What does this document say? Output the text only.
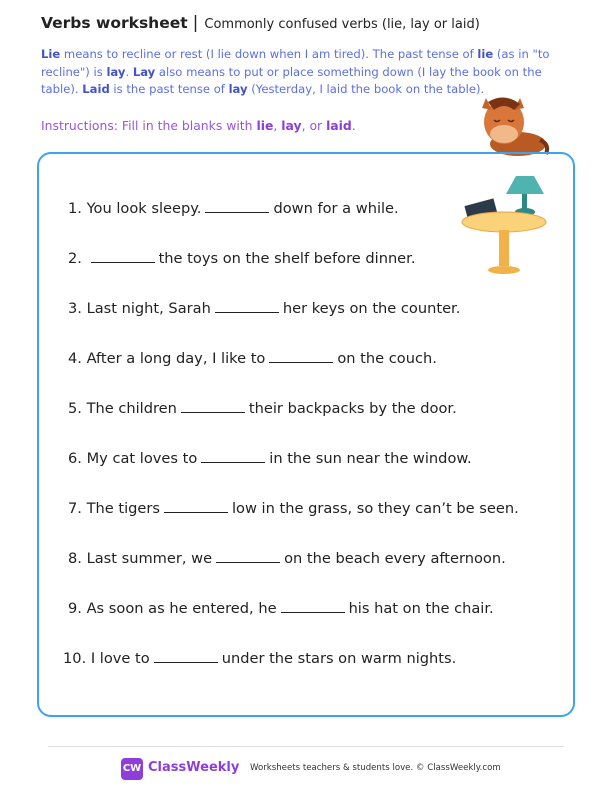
Verbs worksheet | Commonly confused verbs (lie, lay or laid)
Lie means to recline or rest (I lie down when I am tired). The past tense of lie (as in "to recline") is lay. Lay also means to put or place something down (I lay the book on the table). Laid is the past tense of lay (Yesterday, I laid the book on the table).
Instructions: Fill in the blanks with lie, lay, or laid.
1. You look sleepy.	down for a while.
2.	the toys on the shelf before dinner.
3. Last night, Sarah	her keys on the counter.
4. After a long day, I like to	on the couch.
5. The children	their backpacks by the door.
6. My cat loves to	in the sun near the window.
7. The tigers	low in the grass, so they can’t be seen.
8. Last summer, we	on the beach every afternoon.
9. As soon as he entered, he	his hat on the chair.
10. I love to	under the stars on warm nights.
CW ClassWeekly Worksheets teachers & students love. © ClassWeekly.com
